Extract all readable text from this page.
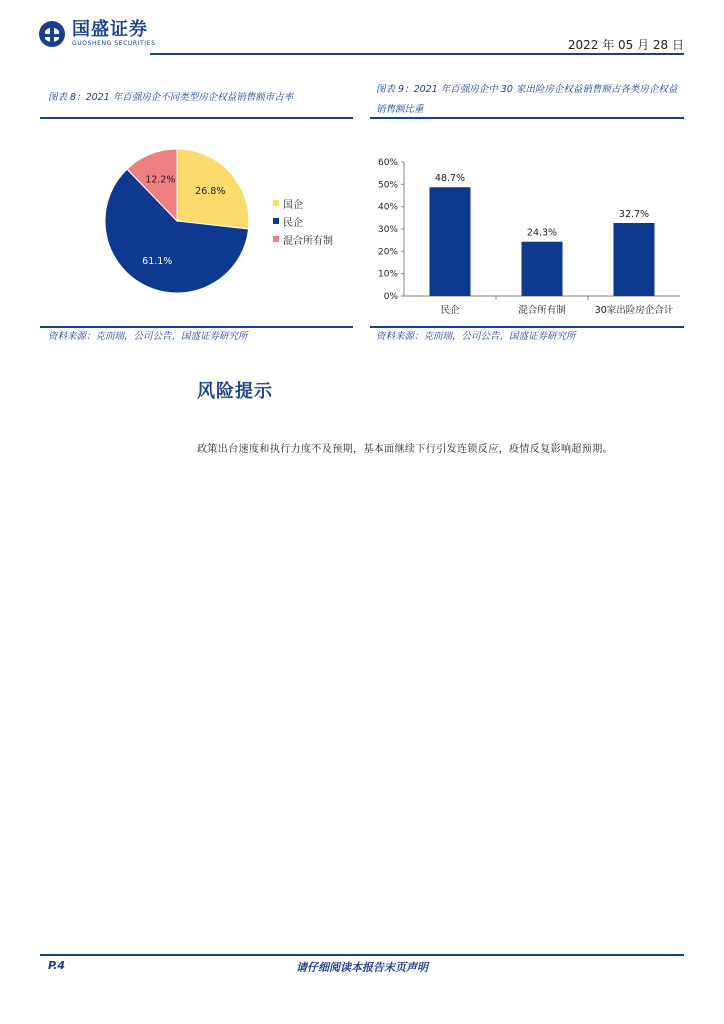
国盛证券
GUOSHENG SECURITIES	2022 年 05 月 28 日
图表 8：2021 年百强房企不同类型房企权益销售额市占率
26.8%
61.1%
12.2%
国企
民企
混合所有制
资料来源：克而瑞，公司公告，国盛证券研究所
图表 9：2021 年百强房企中 30 家出险房企权益销售额占各类房企权益销售额比重
0%
10%
20%
30%
40%
50%
60%
48.7%
民企
24.3%
混合所有制
32.7%
30家出险房企合计
资料来源：克而瑞，公司公告，国盛证券研究所
风险提示
政策出台速度和执行力度不及预期，基本面继续下行引发连锁反应，疫情反复影响超预期。
P.4	请仔细阅读本报告末页声明
